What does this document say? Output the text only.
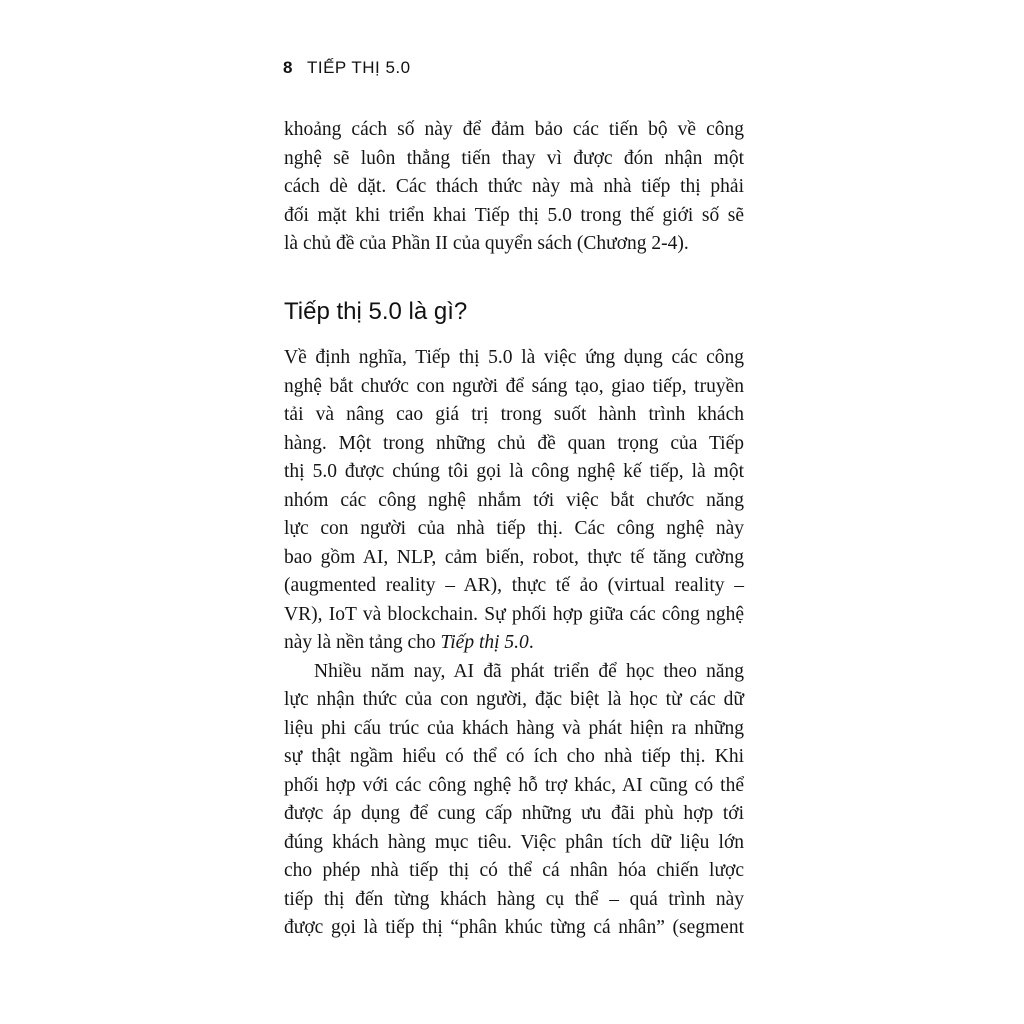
8 TIẾP THỊ 5.0
khoảng cách số này để đảm bảo các tiến bộ về công
nghệ sẽ luôn thẳng tiến thay vì được đón nhận một
cách dè dặt. Các thách thức này mà nhà tiếp thị phải
đối mặt khi triển khai Tiếp thị 5.0 trong thế giới số sẽ
là chủ đề của Phần II của quyển sách (Chương 2-4).
Tiếp thị 5.0 là gì?
Về định nghĩa, Tiếp thị 5.0 là việc ứng dụng các công
nghệ bắt chước con người để sáng tạo, giao tiếp, truyền
tải và nâng cao giá trị trong suốt hành trình khách
hàng. Một trong những chủ đề quan trọng của Tiếp
thị 5.0 được chúng tôi gọi là công nghệ kế tiếp, là một
nhóm các công nghệ nhắm tới việc bắt chước năng
lực con người của nhà tiếp thị. Các công nghệ này
bao gồm AI, NLP, cảm biến, robot, thực tế tăng cường
(augmented reality – AR), thực tế ảo (virtual reality –
VR), IoT và blockchain. Sự phối hợp giữa các công nghệ
này là nền tảng cho Tiếp thị 5.0.
Nhiều năm nay, AI đã phát triển để học theo năng
lực nhận thức của con người, đặc biệt là học từ các dữ
liệu phi cấu trúc của khách hàng và phát hiện ra những
sự thật ngầm hiểu có thể có ích cho nhà tiếp thị. Khi
phối hợp với các công nghệ hỗ trợ khác, AI cũng có thể
được áp dụng để cung cấp những ưu đãi phù hợp tới
đúng khách hàng mục tiêu. Việc phân tích dữ liệu lớn
cho phép nhà tiếp thị có thể cá nhân hóa chiến lược
tiếp thị đến từng khách hàng cụ thể – quá trình này
được gọi là tiếp thị “phân khúc từng cá nhân” (segment
